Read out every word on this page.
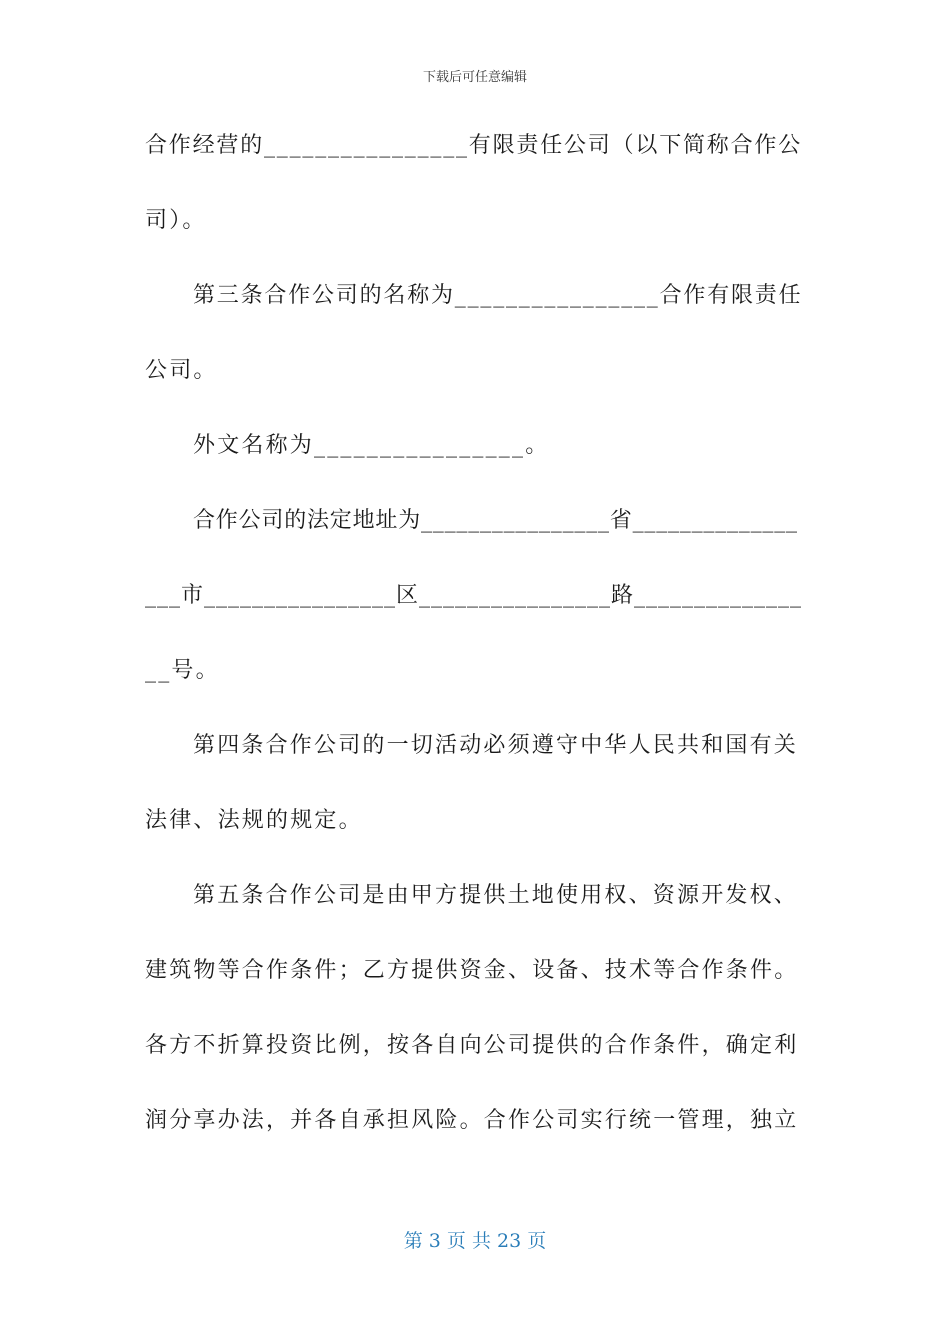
下载后可任意编辑
合作经营的________________有限责任公司（以下简称合作公
司）。
第三条合作公司的名称为________________合作有限责任
公司。
外文名称为________________。
合作公司的法定地址为________________省______________
___市________________区________________路______________
__号。
第四条合作公司的一切活动必须遵守中华人民共和国有关
法律、法规的规定。
第五条合作公司是由甲方提供土地使用权、资源开发权、
建筑物等合作条件；乙方提供资金、设备、技术等合作条件。
各方不折算投资比例，按各自向公司提供的合作条件，确定利
润分享办法，并各自承担风险。合作公司实行统一管理，独立
第 3 页 共 23 页
